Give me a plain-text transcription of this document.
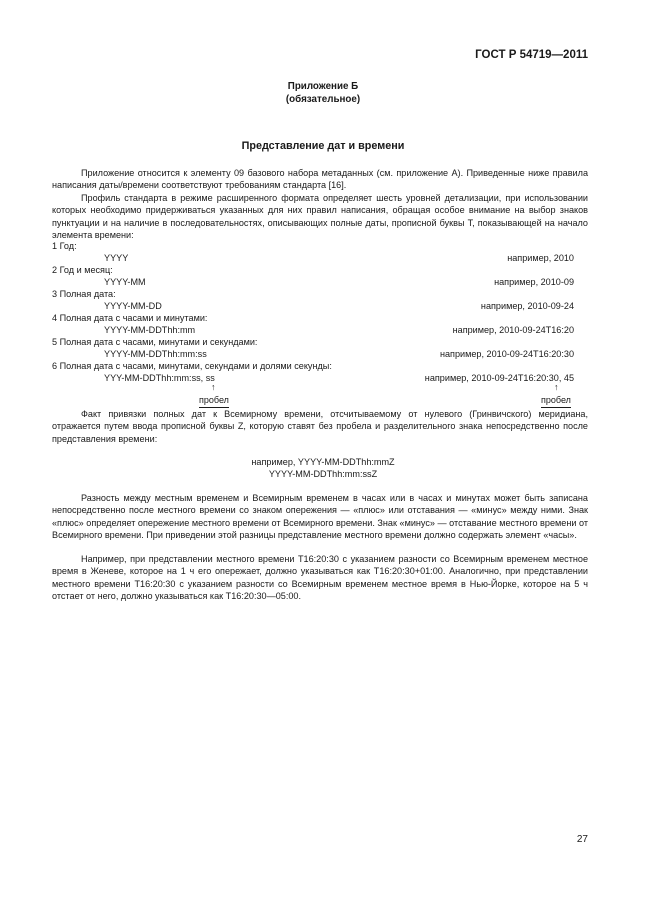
ГОСТ Р 54719—2011
Приложение Б
(обязательное)
Представление дат и времени
Приложение относится к элементу 09 базового набора метаданных (см. приложение А). Приведенные ниже правила написания даты/времени соответствуют требованиям стандарта [16].
Профиль стандарта в режиме расширенного формата определяет шесть уровней детализации, при использовании которых необходимо придерживаться указанных для них правил написания, обращая особое внимание на выбор знаков пунктуации и на наличие в последовательностях, описывающих полные даты, прописной буквы T, показывающей на начало элемента времени:
1 Год:
YYYY	например, 2010
2 Год и месяц:
YYYY-MM	например, 2010-09
3 Полная дата:
YYYY-MM-DD	например, 2010-09-24
4 Полная дата с часами и минутами:
YYYY-MM-DDThh:mm	например, 2010-09-24T16:20
5 Полная дата с часами, минутами и секундами:
YYYY-MM-DDThh:mm:ss	например, 2010-09-24T16:20:30
6 Полная дата с часами, минутами, секундами и долями секунды:
YYY-MM-DDThh:mm:ss, ss	например, 2010-09-24T16:20:30, 45
↑
пробел
↑
пробел
Факт привязки полных дат к Всемирному времени, отсчитываемому от нулевого (Гринвичского) меридиана, отражается путем ввода прописной буквы Z, которую ставят без пробела и разделительного знака непосредственно после представления времени:
например, YYYY-MM-DDThh:mmZ
YYYY-MM-DDThh:mm:ssZ
Разность между местным временем и Всемирным временем в часах или в часах и минутах может быть записана непосредственно после местного времени со знаком опережения — «плюс» или отставания — «минус» между ними. Знак «плюс» определяет опережение местного времени от Всемирного времени. Знак «минус» — отставание местного времени от Всемирного времени. При приведении этой разницы представление местного времени должно содержать элемент «часы».
Например, при представлении местного времени T16:20:30 с указанием разности со Всемирным временем местное время в Женеве, которое на 1 ч его опережает, должно указываться как T16:20:30+01:00. Аналогично, при представлении местного времени T16:20:30 с указанием разности со Всемирным временем местное время в Нью-Йорке, которое на 5 ч отстает от него, должно указываться как T16:20:30—05:00.
27
